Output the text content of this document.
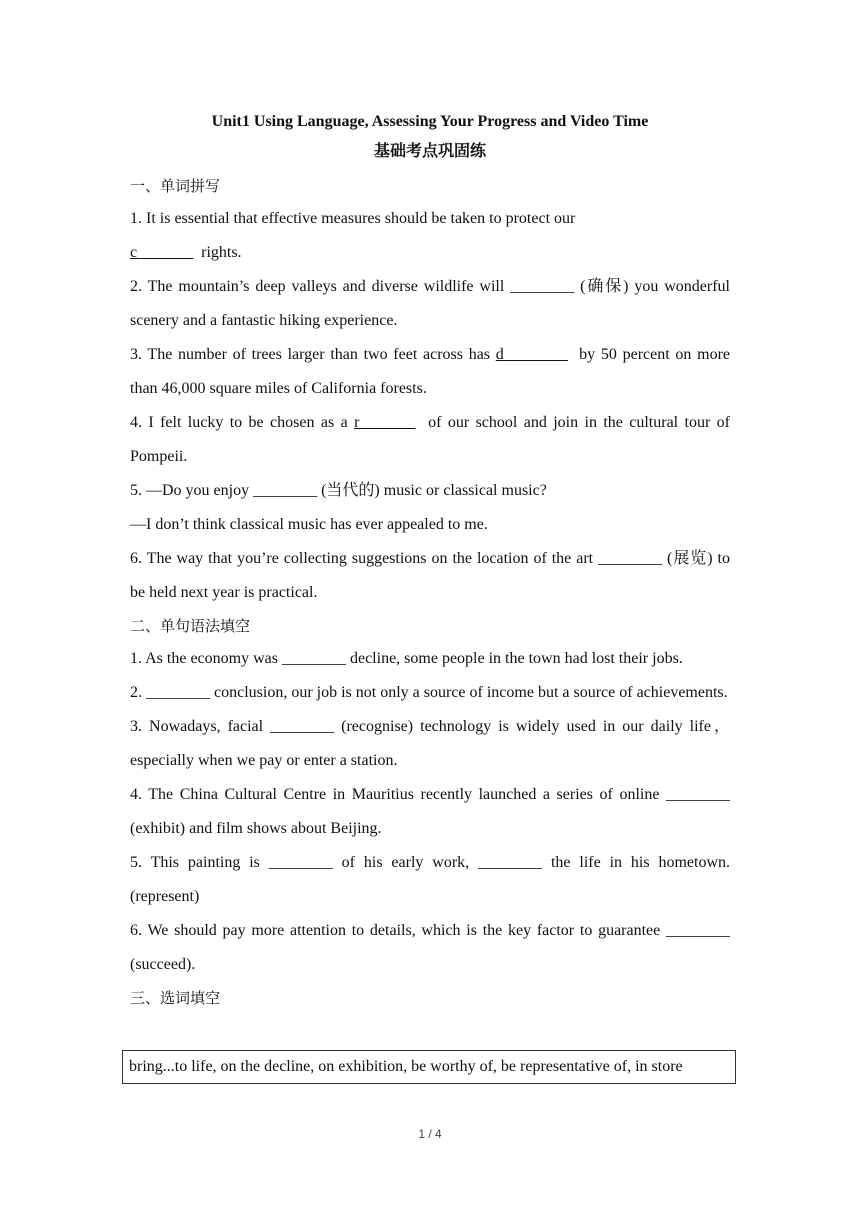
Unit1 Using Language, Assessing Your Progress and Video Time

基础考点巩固练

一、单词拼写

1. It is essential that effective measures should be taken to protect our
c_______  rights.
2. The mountain’s deep valleys and diverse wildlife will ________ (确保) you wonderful scenery and a fantastic hiking experience.
3. The number of trees larger than two feet across has d________  by 50 percent on more than 46,000 square miles of California forests.
4. I felt lucky to be chosen as a r_______  of our school and join in the cultural tour of Pompeii.

5. —Do you enjoy ________ (当代的) music or classical music?

—I don’t think classical music has ever appealed to me.

6. The way that you’re collecting suggestions on the location of the art ________ (展览) to be held next year is practical.

二、单句语法填空

1. As the economy was ________ decline, some people in the town had lost their jobs.
2. ________ conclusion, our job is not only a source of income but a source of achievements.
3. Nowadays, facial ________ (recognise) technology is widely used in our daily life，especially when we pay or enter a station.
4. The China Cultural Centre in Mauritius recently launched a series of online ________ (exhibit) and film shows about Beijing.
5. This painting is ________ of his early work, ________ the life in his hometown. (represent)
6. We should pay more attention to details, which is the key factor to guarantee ________ (succeed).

三、选词填空

bring...to life, on the decline, on exhibition, be worthy of, be representative of, in store
1 / 4
